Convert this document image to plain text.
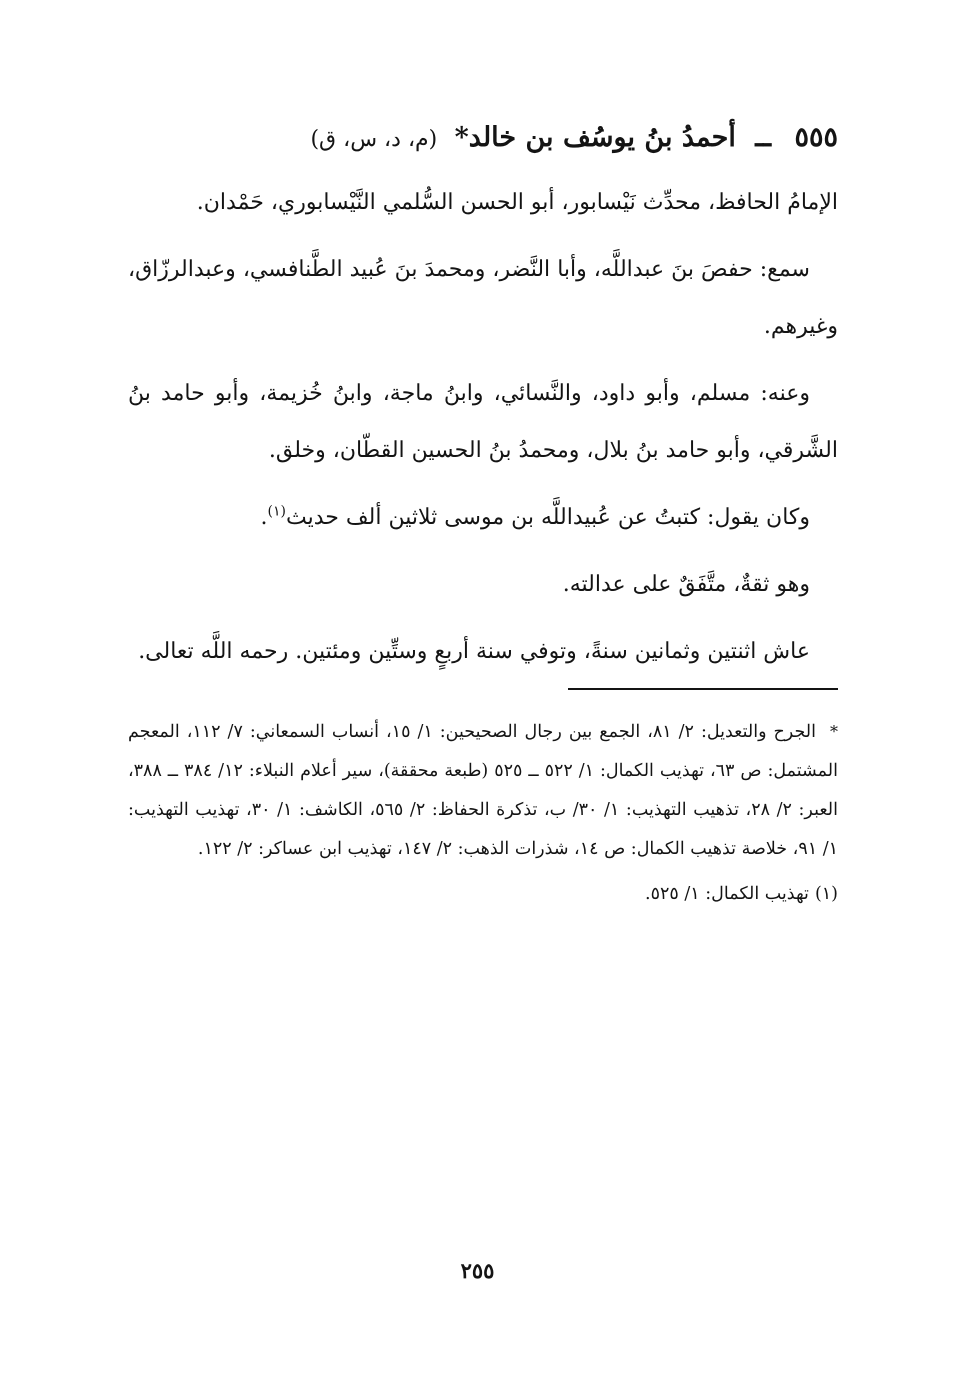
٥٥٥ ــ أحمدُ بنُ يوسُف بن خالد* (م، د، س، ق)

الإمامُ الحافظ، محدِّث نَيْسابور، أبو الحسن السُّلمي النَّيْسابوري، حَمْدان.

سمع: حفصَ بنَ عبداللَّه، وأبا النَّضر، ومحمدَ بنَ عُبيد الطَّنافسي، وعبدالرزّاق، وغيرهم.

وعنه: مسلم، وأبو داود، والنَّسائي، وابنُ ماجة، وابنُ خُزيمة، وأبو حامد بنُ الشَّرقي، وأبو حامد بنُ بلال، ومحمدُ بنُ الحسين القطّان، وخلق.

وكان يقول: كتبتُ عن عُبيداللَّه بن موسى ثلاثين ألف حديث$^{(١)}$.

وهو ثقةٌ، متَّفَقٌ على عدالته.

عاش اثنتين وثمانين سنةً، وتوفي سنة أربعٍ وستِّين ومئتين. رحمه اللَّه تعالى.

*الجرح والتعديل: ٢/ ٨١، الجمع بين رجال الصحيحين: ١/ ١٥، أنساب السمعاني: ٧/ ١١٢، المعجم المشتمل: ص ٦٣، تهذيب الكمال: ١/ ٥٢٢ ــ ٥٢٥ (طبعة محققة)، سير أعلام النبلاء: ١٢/ ٣٨٤ ــ ٣٨٨، العبر: ٢/ ٢٨، تذهيب التهذيب: ١/ ٣٠/ ب، تذكرة الحفاظ: ٢/ ٥٦٥، الكاشف: ١/ ٣٠، تهذيب التهذيب: ١/ ٩١، خلاصة تذهيب الكمال: ص ١٤، شذرات الذهب: ٢/ ١٤٧، تهذيب ابن عساكر: ٢/ ١٢٢.
(١)تهذيب الكمال: ١/ ٥٢٥.
٢٥٥
